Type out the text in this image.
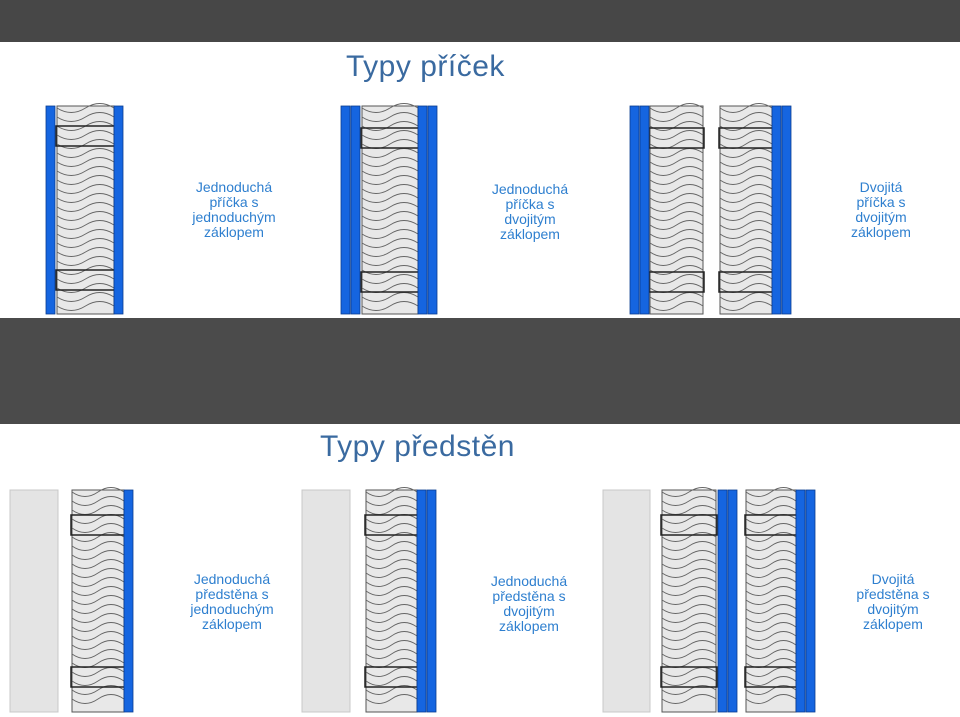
Typy příček
Jednoduchá
příčka s
jednoduchým
záklopem
Jednoduchá
příčka s
dvojitým
záklopem
Dvojitá
příčka s
dvojitým
záklopem
Typy předstěn
Jednoduchá
předstěna s
jednoduchým
záklopem
Jednoduchá
předstěna s
dvojitým
záklopem
Dvojitá
předstěna s
dvojitým
záklopem
